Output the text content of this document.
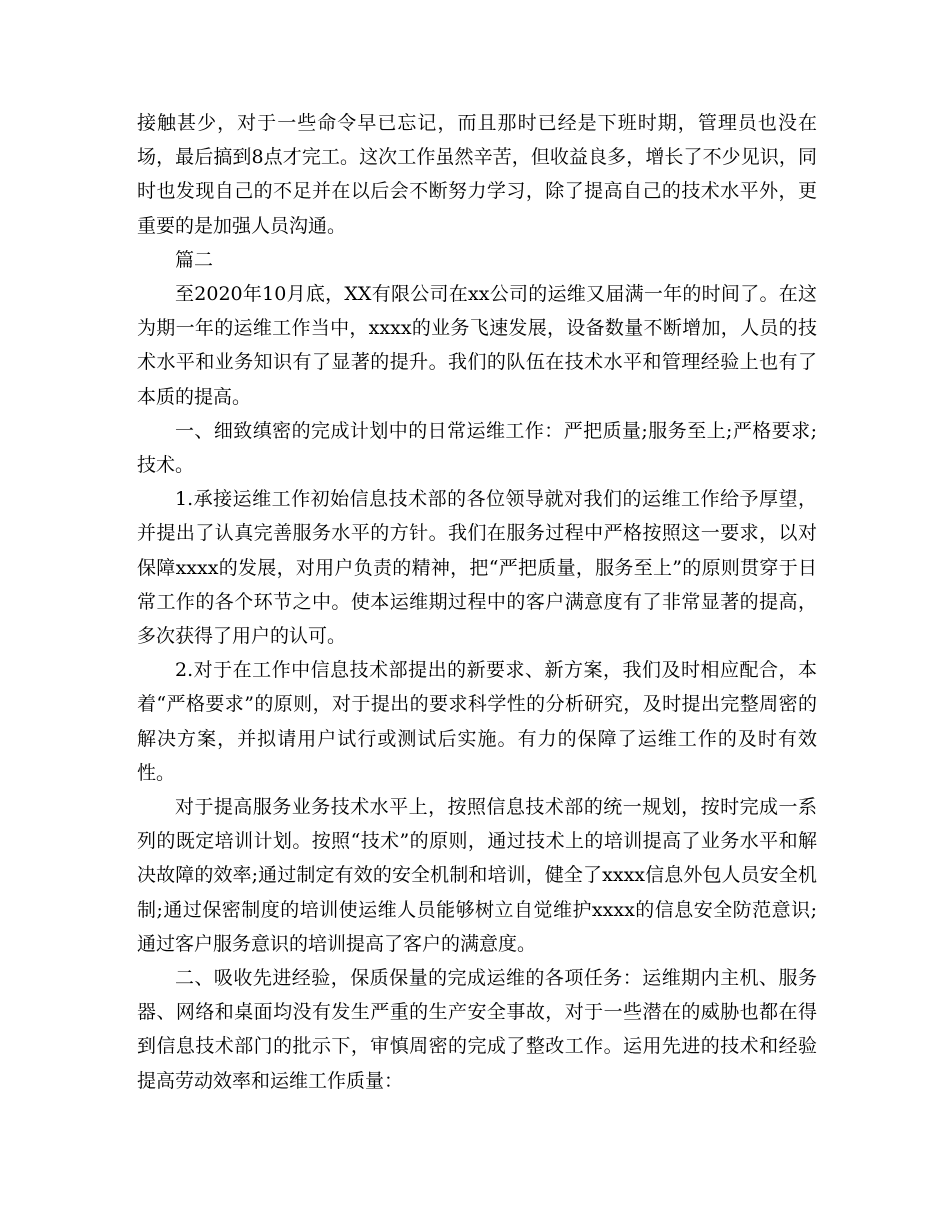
接触甚少，对于一些命令早已忘记，而且那时已经是下班时期，管理员也没在场，最后搞到8点才完工。这次工作虽然辛苦，但收益良多，增长了不少见识，同时也发现自己的不足并在以后会不断努力学习，除了提高自己的技术水平外，更重要的是加强人员沟通。

篇二

至2020年10月底，XX有限公司在xx公司的运维又届满一年的时间了。在这为期一年的运维工作当中，xxxx的业务飞速发展，设备数量不断增加，人员的技术水平和业务知识有了显著的提升。我们的队伍在技术水平和管理经验上也有了本质的提高。

一、细致缜密的完成计划中的日常运维工作：严把质量;服务至上;严格要求;技术。

1.承接运维工作初始信息技术部的各位领导就对我们的运维工作给予厚望，并提出了认真完善服务水平的方针。我们在服务过程中严格按照这一要求，以对保障xxxx的发展，对用户负责的精神，把“严把质量，服务至上”的原则贯穿于日常工作的各个环节之中。使本运维期过程中的客户满意度有了非常显著的提高，多次获得了用户的认可。

2.对于在工作中信息技术部提出的新要求、新方案，我们及时相应配合，本着“严格要求”的原则，对于提出的要求科学性的分析研究，及时提出完整周密的解决方案，并拟请用户试行或测试后实施。有力的保障了运维工作的及时有效性。

对于提高服务业务技术水平上，按照信息技术部的统一规划，按时完成一系列的既定培训计划。按照“技术”的原则，通过技术上的培训提高了业务水平和解决故障的效率;通过制定有效的安全机制和培训，健全了xxxx信息外包人员安全机制;通过保密制度的培训使运维人员能够树立自觉维护xxxx的信息安全防范意识;通过客户服务意识的培训提高了客户的满意度。

二、吸收先进经验，保质保量的完成运维的各项任务：运维期内主机、服务器、网络和桌面均没有发生严重的生产安全事故，对于一些潜在的威胁也都在得到信息技术部门的批示下，审慎周密的完成了整改工作。运用先进的技术和经验提高劳动效率和运维工作质量：
